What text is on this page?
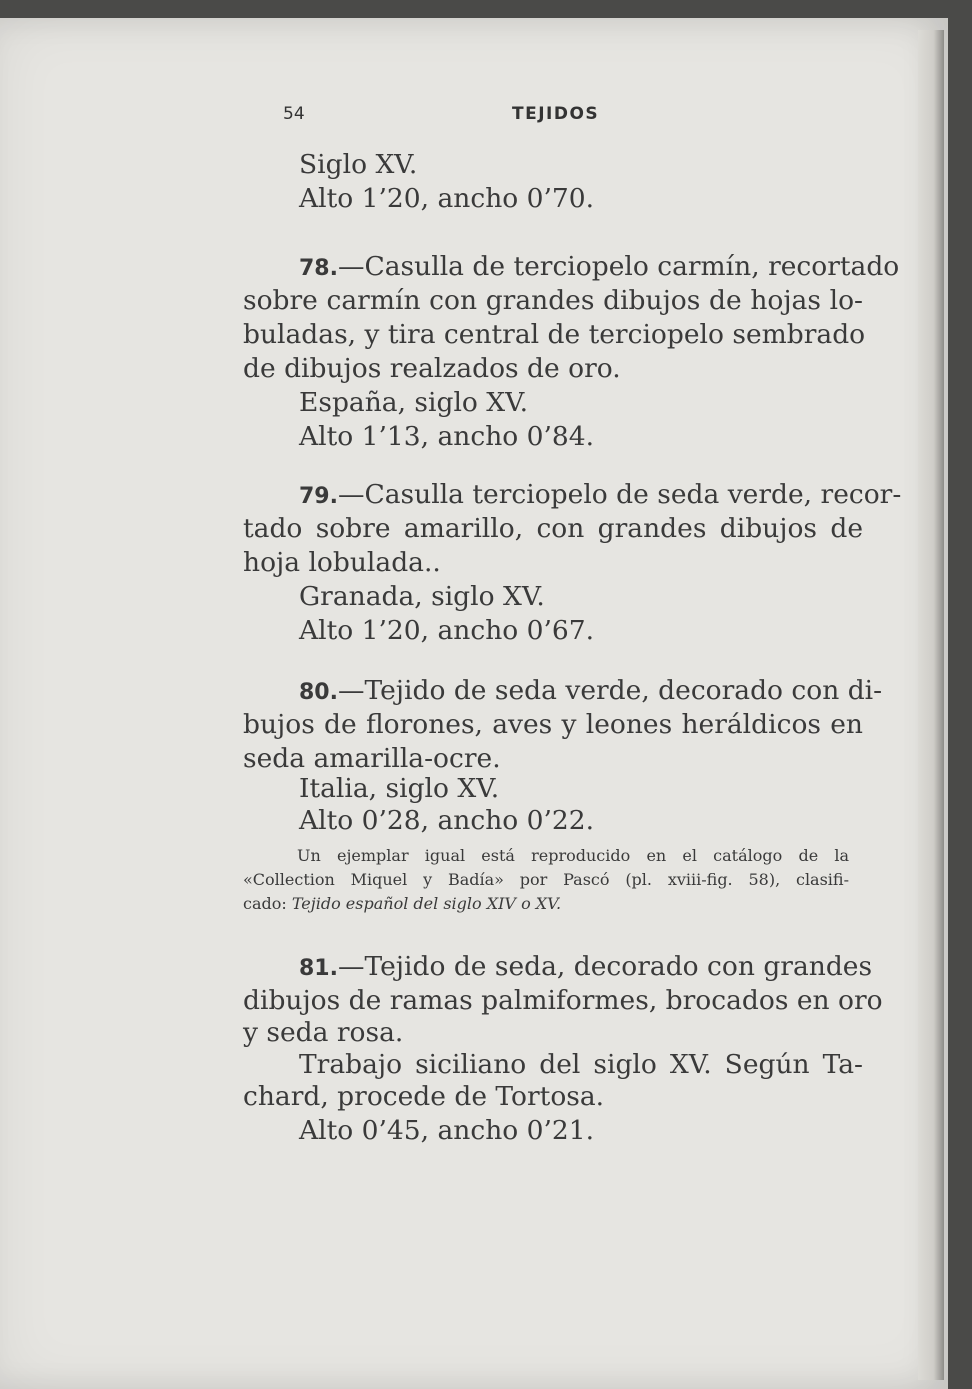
54	TEJIDOS
Siglo XV.
Alto 1’20, ancho 0’70.
78.—Casulla de terciopelo carmín, recortado
sobre carmín con grandes dibujos de hojas lo-
buladas, y tira central de terciopelo sembrado
de dibujos realzados de oro.
España, siglo XV.
Alto 1’13, ancho 0’84.
79.—Casulla terciopelo de seda verde, recor-
tado sobre amarillo, con grandes dibujos de
hoja lobulada..
Granada, siglo XV.
Alto 1’20, ancho 0’67.
80.—Tejido de seda verde, decorado con di-
bujos de florones, aves y leones heráldicos en
seda amarilla-ocre.
Italia, siglo XV.
Alto 0’28, ancho 0’22.
Un ejemplar igual está reproducido en el catálogo de la
«Collection Miquel y Badía» por Pascó (pl. xviii-fig. 58), clasifi-
cado: Tejido español del siglo XIV o XV.
81.—Tejido de seda, decorado con grandes
dibujos de ramas palmiformes, brocados en oro
y seda rosa.
Trabajo siciliano del siglo XV. Según Ta-
chard, procede de Tortosa.
Alto 0’45, ancho 0’21.
